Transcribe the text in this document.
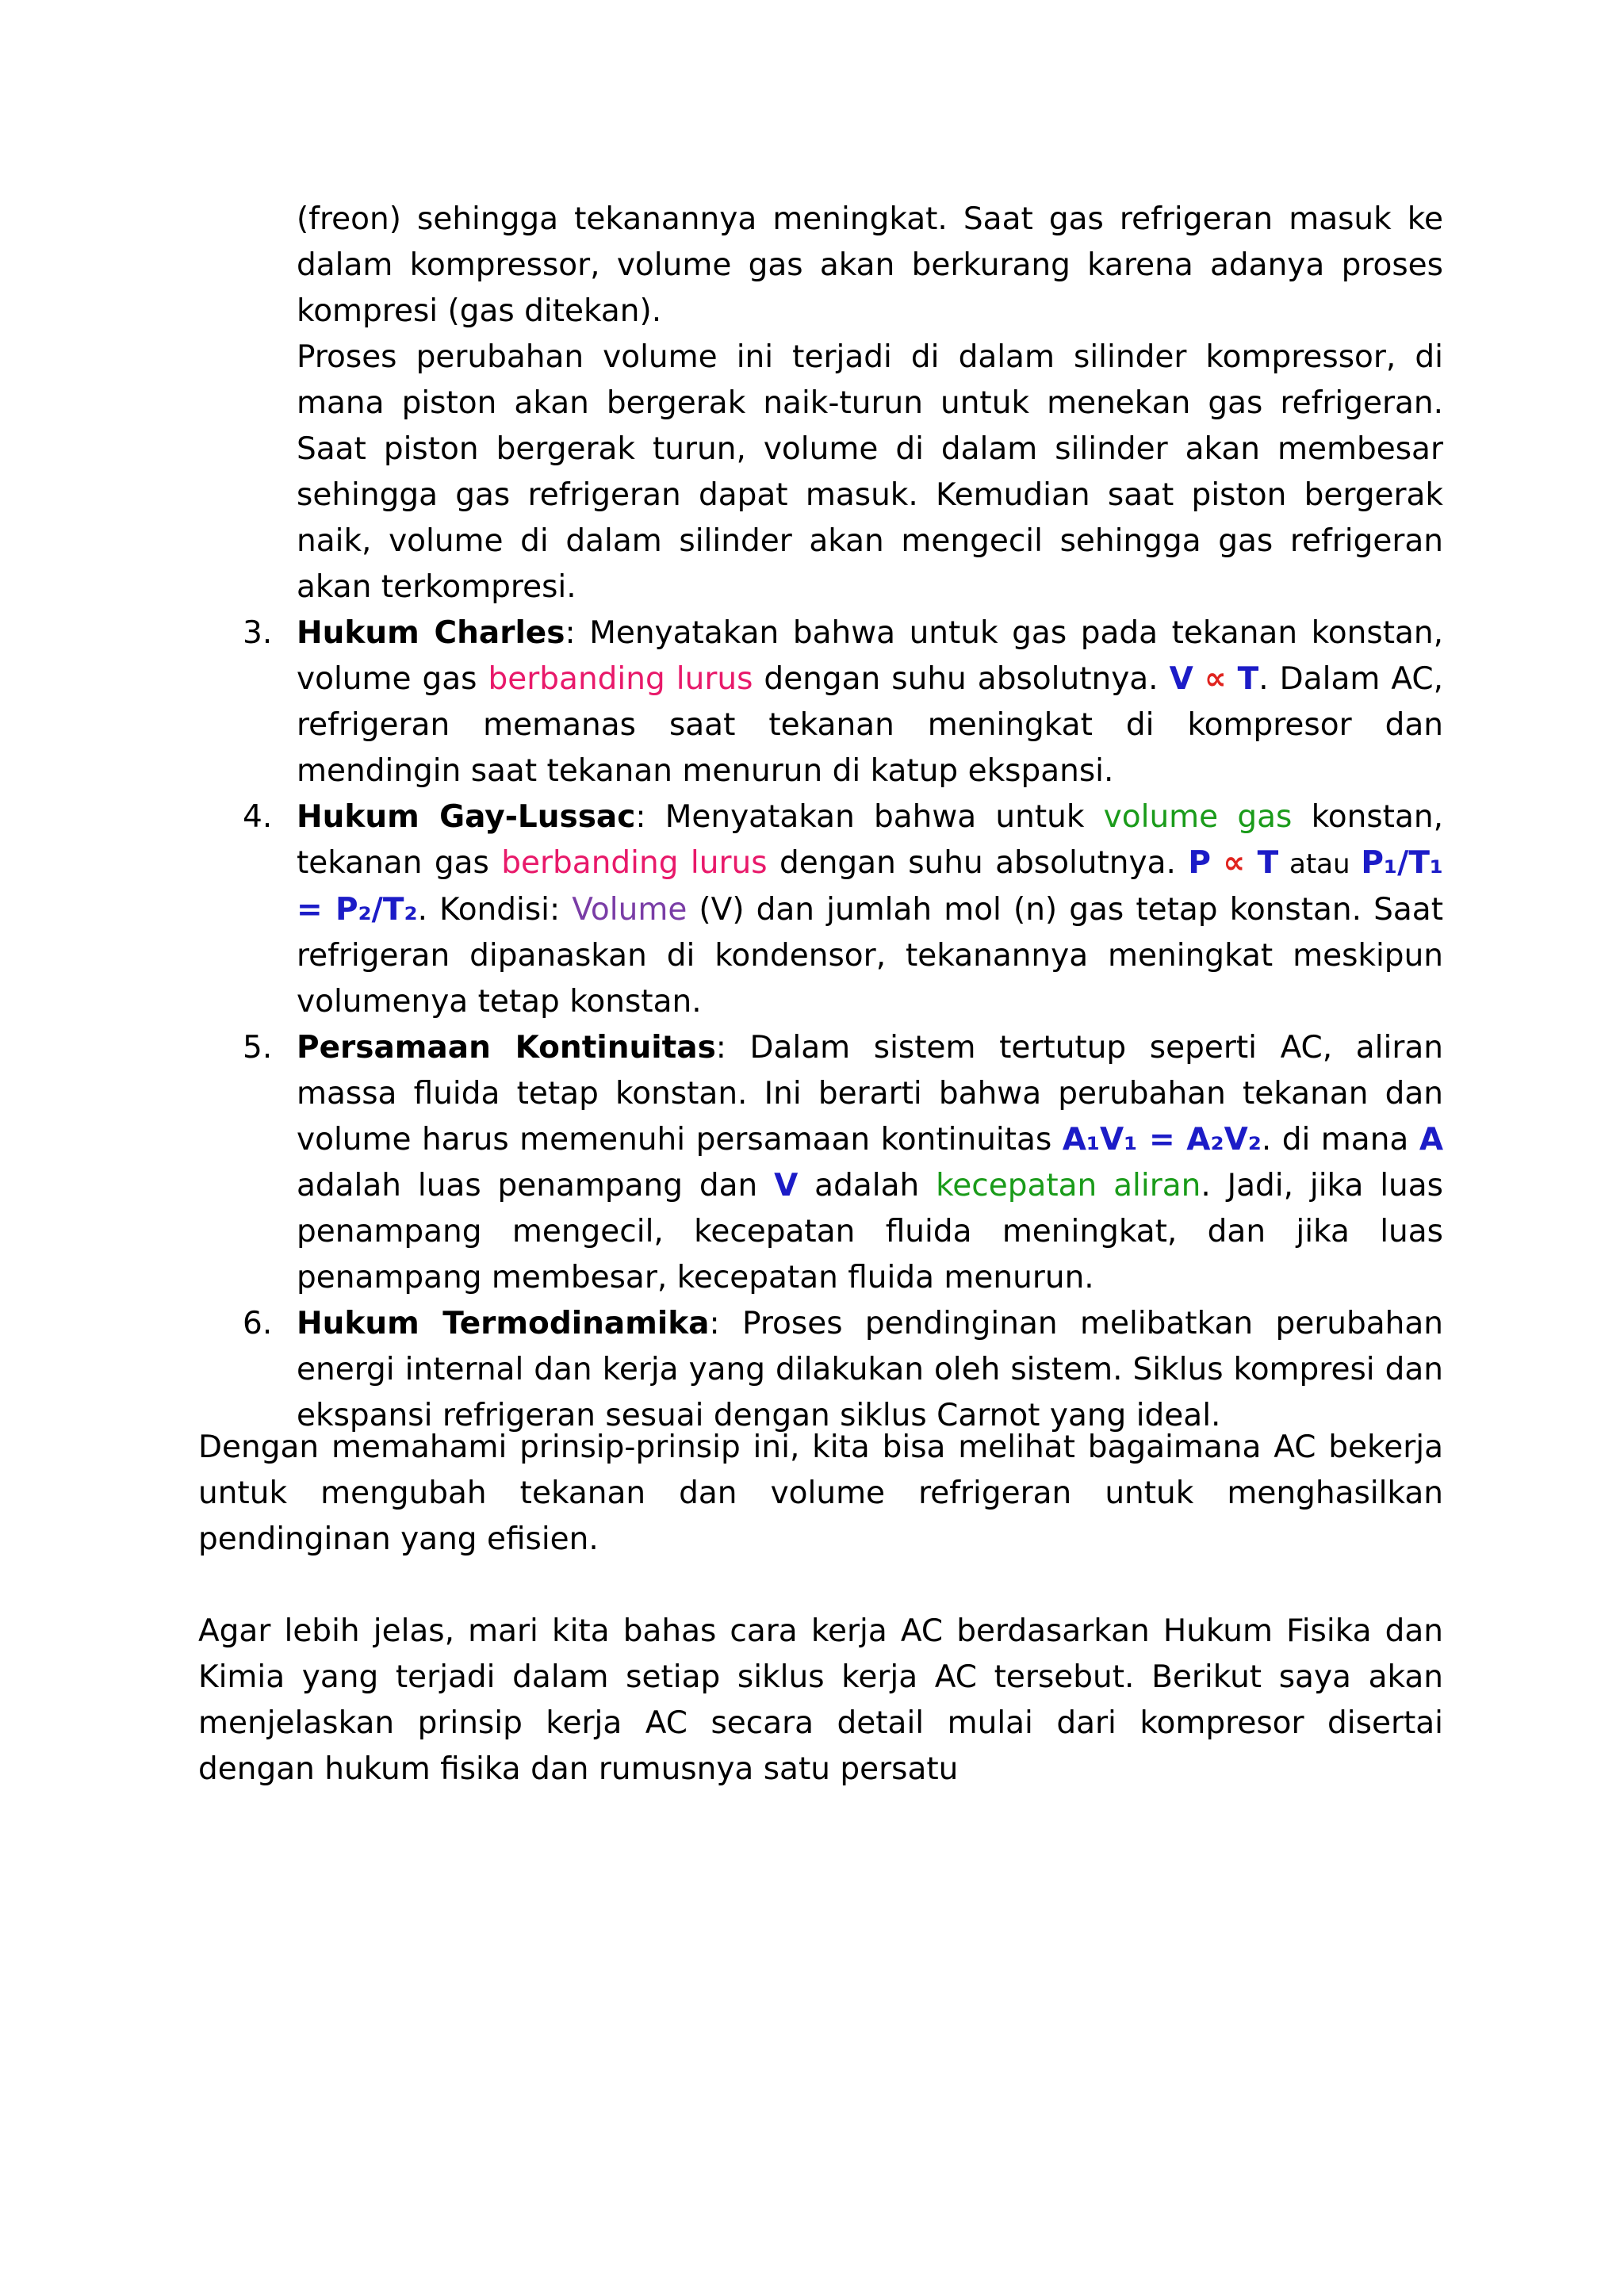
(freon) sehingga tekanannya meningkat. Saat gas refrigeran masuk ke dalam kompressor, volume gas akan berkurang karena adanya proses kompresi (gas ditekan).

Proses perubahan volume ini terjadi di dalam silinder kompressor, di mana piston akan bergerak naik-turun untuk menekan gas refrigeran. Saat piston bergerak turun, volume di dalam silinder akan membesar sehingga gas refrigeran dapat masuk. Kemudian saat piston bergerak naik, volume di dalam silinder akan mengecil sehingga gas refrigeran akan terkompresi.

3. Hukum Charles: Menyatakan bahwa untuk gas pada tekanan konstan, volume gas berbanding lurus dengan suhu absolutnya. V ∝ T. Dalam AC, refrigeran memanas saat tekanan meningkat di kompresor dan mendingin saat tekanan menurun di katup ekspansi.

4. Hukum Gay-Lussac: Menyatakan bahwa untuk volume gas konstan, tekanan gas berbanding lurus dengan suhu absolutnya. P ∝ T atau P₁/T₁ = P₂/T₂. Kondisi: Volume (V) dan jumlah mol (n) gas tetap konstan. Saat refrigeran dipanaskan di kondensor, tekanannya meningkat meskipun volumenya tetap konstan.

5. Persamaan Kontinuitas: Dalam sistem tertutup seperti AC, aliran massa fluida tetap konstan. Ini berarti bahwa perubahan tekanan dan volume harus memenuhi persamaan kontinuitas A₁V₁ = A₂V₂. di mana A adalah luas penampang dan V adalah kecepatan aliran. Jadi, jika luas penampang mengecil, kecepatan fluida meningkat, dan jika luas penampang membesar, kecepatan fluida menurun.

6. Hukum Termodinamika: Proses pendinginan melibatkan perubahan energi internal dan kerja yang dilakukan oleh sistem. Siklus kompresi dan ekspansi refrigeran sesuai dengan siklus Carnot yang ideal.

Dengan memahami prinsip-prinsip ini, kita bisa melihat bagaimana AC bekerja untuk mengubah tekanan dan volume refrigeran untuk menghasilkan pendinginan yang efisien.

Agar lebih jelas, mari kita bahas cara kerja AC berdasarkan Hukum Fisika dan Kimia yang terjadi dalam setiap siklus kerja AC tersebut. Berikut saya akan menjelaskan prinsip kerja AC secara detail mulai dari kompresor disertai dengan hukum fisika dan rumusnya satu persatu
